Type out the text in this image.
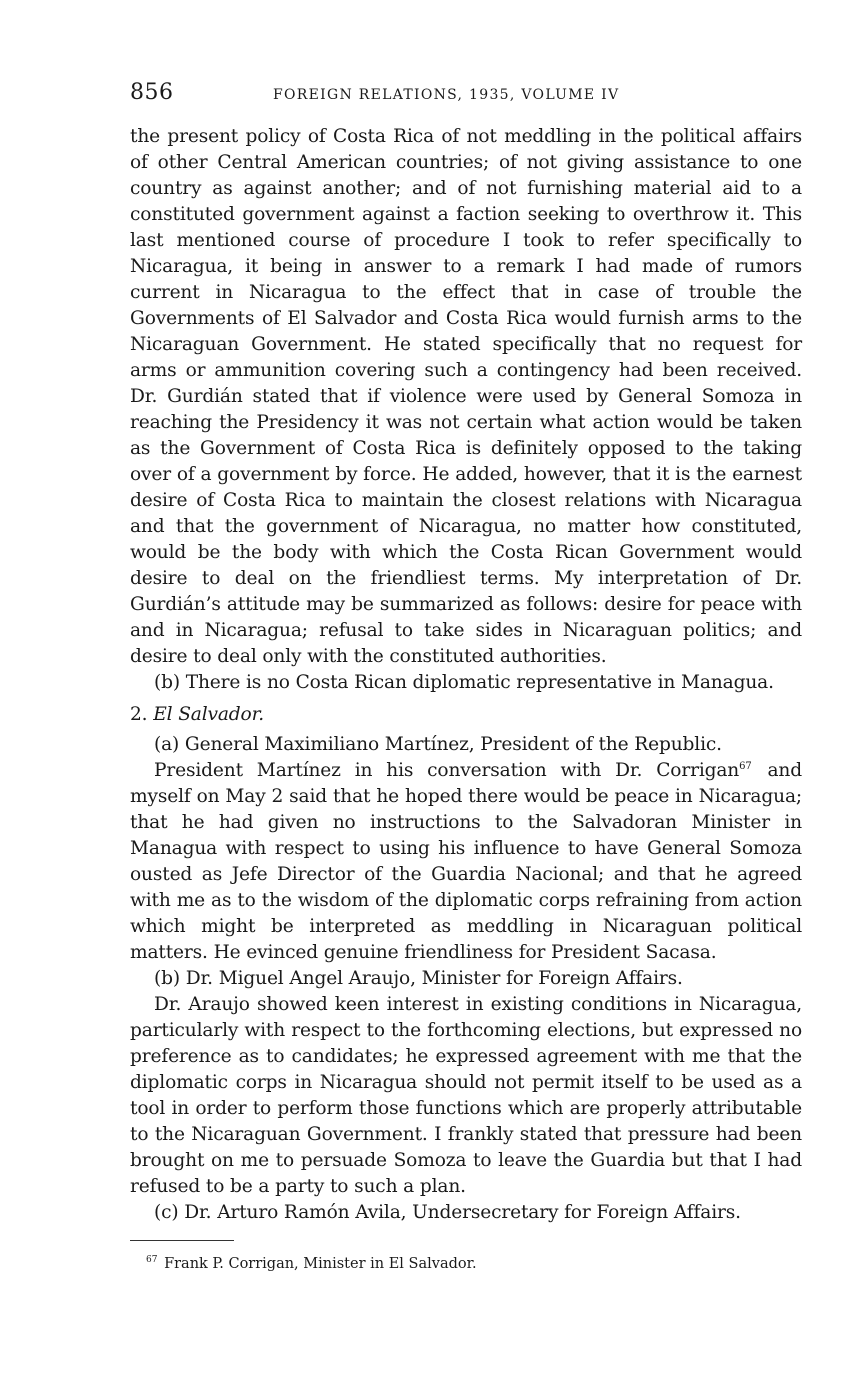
856	FOREIGN RELATIONS, 1935, VOLUME IV

the present policy of Costa Rica of not meddling in the political affairs of other Central American countries; of not giving assistance to one country as against another; and of not furnishing material aid to a constituted government against a faction seeking to overthrow it. This last mentioned course of procedure I took to refer specifically to Nicaragua, it being in answer to a remark I had made of rumors current in Nicaragua to the effect that in case of trouble the Governments of El Salvador and Costa Rica would furnish arms to the Nicaraguan Government. He stated specifically that no request for arms or ammunition covering such a contingency had been received. Dr. Gurdián stated that if violence were used by General Somoza in reaching the Presidency it was not certain what action would be taken as the Government of Costa Rica is definitely opposed to the taking over of a government by force. He added, however, that it is the earnest desire of Costa Rica to maintain the closest relations with Nicaragua and that the government of Nicaragua, no matter how constituted, would be the body with which the Costa Rican Government would desire to deal on the friendliest terms. My interpretation of Dr. Gurdián’s attitude may be summarized as follows: desire for peace with and in Nicaragua; refusal to take sides in Nicaraguan politics; and desire to deal only with the constituted authorities.

(b) There is no Costa Rican diplomatic representative in Managua.

2. El Salvador.

(a) General Maximiliano Martínez, President of the Republic.

President Martínez in his conversation with Dr. Corrigan$^{67}$ and myself on May 2 said that he hoped there would be peace in Nicaragua; that he had given no instructions to the Salvadoran Minister in Managua with respect to using his influence to have General Somoza ousted as Jefe Director of the Guardia Nacional; and that he agreed with me as to the wisdom of the diplomatic corps refraining from action which might be interpreted as meddling in Nicaraguan political matters. He evinced genuine friendliness for President Sacasa.

(b) Dr. Miguel Angel Araujo, Minister for Foreign Affairs.

Dr. Araujo showed keen interest in existing conditions in Nicaragua, particularly with respect to the forthcoming elections, but expressed no preference as to candidates; he expressed agreement with me that the diplomatic corps in Nicaragua should not permit itself to be used as a tool in order to perform those functions which are properly attributable to the Nicaraguan Government. I frankly stated that pressure had been brought on me to persuade Somoza to leave the Guardia but that I had refused to be a party to such a plan.

(c) Dr. Arturo Ramón Avila, Undersecretary for Foreign Affairs.

$^{67}$ Frank P. Corrigan, Minister in El Salvador.
